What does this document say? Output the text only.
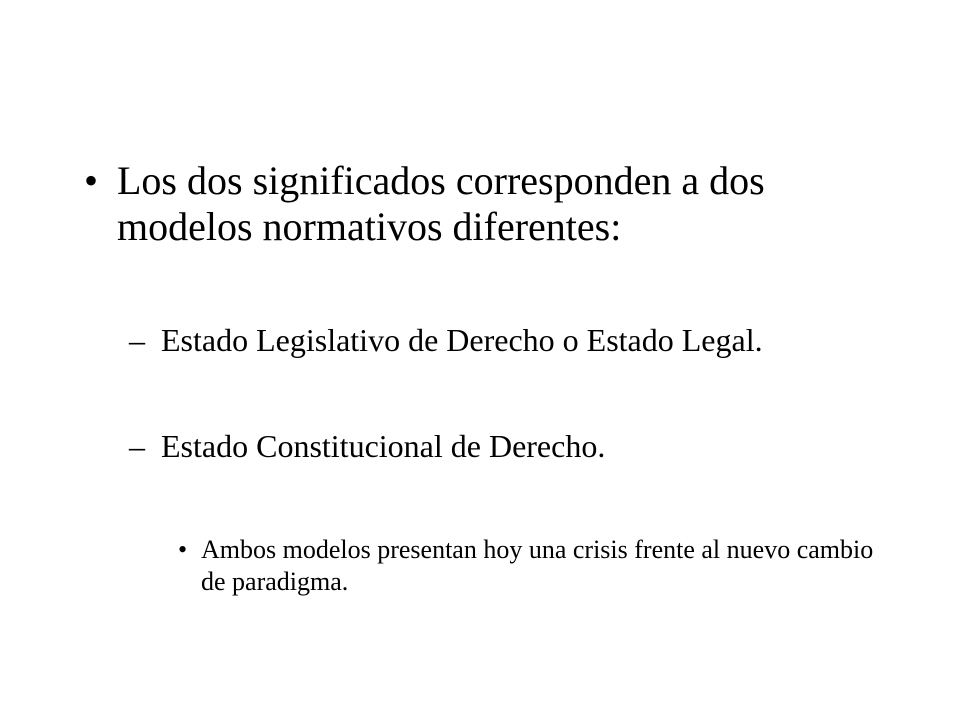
• Los dos significados corresponden a dos modelos normativos diferentes:
– Estado Legislativo de Derecho o Estado Legal.
– Estado Constitucional de Derecho.
• Ambos modelos presentan hoy una crisis frente al nuevo cambio de paradigma.
